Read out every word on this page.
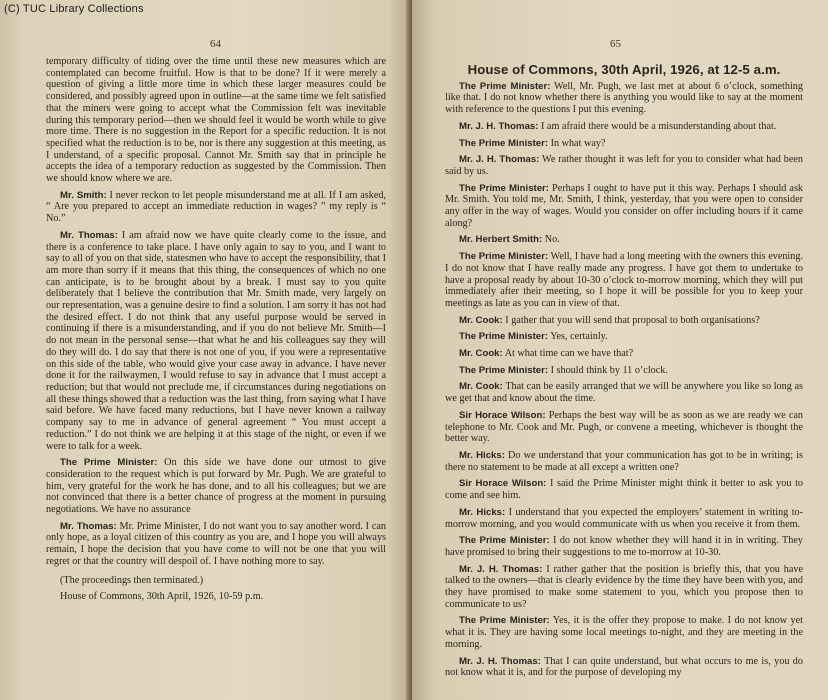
64

temporary difficulty of tiding over the time until these new measures which are contemplated can become fruitful. How is that to be done? If it were merely a question of giving a little more time in which these larger measures could be considered, and possibly agreed upon in outline—at the same time we felt satisfied that the miners were going to accept what the Commission felt was inevitable during this temporary period—then we should feel it would be worth while to give more time. There is no suggestion in the Report for a specific reduction. It is not specified what the reduction is to be, nor is there any suggestion at this meeting, as I understand, of a specific proposal. Cannot Mr. Smith say that in principle he accepts the idea of a temporary reduction as suggested by the Commission. Then we should know where we are.

Mr. Smith: I never reckon to let people misunderstand me at all. If I am asked, “ Are you prepared to accept an immediate reduction in wages? ” my reply is “ No.”

Mr. Thomas: I am afraid now we have quite clearly come to the issue, and there is a conference to take place. I have only again to say to you, and I want to say to all of you on that side, statesmen who have to accept the responsibility, that I am more than sorry if it means that this thing, the consequences of which no one can anticipate, is to be brought about by a break. I must say to you quite deliberately that I believe the contribution that Mr. Smith made, very largely on our representation, was a genuine desire to find a solution. I am sorry it has not had the desired effect. I do not think that any useful purpose would be served in continuing if there is a misunderstanding, and if you do not believe Mr. Smith—I do not mean in the personal sense—that what he and his colleagues say they will do they will do. I do say that there is not one of you, if you were a representative on this side of the table, who would give your case away in advance. I have never done it for the railwaymen, I would refuse to say in advance that I must accept a reduction; but that would not preclude me, if circumstances during negotiations on all these things showed that a reduction was the last thing, from saying what I have said before. We have faced many reductions, but I have never known a railway company say to me in advance of general agreement “ You must accept a reduction.” I do not think we are helping it at this stage of the night, or even if we were to talk for a week.

The Prime Minister: On this side we have done our utmost to give consideration to the request which is put forward by Mr. Pugh. We are grateful to him, very grateful for the work he has done, and to all his colleagues; but we are not convinced that there is a better chance of progress at the moment in pursuing negotiations. We have no assurance

Mr. Thomas: Mr. Prime Minister, I do not want you to say another word. I can only hope, as a loyal citizen of this country as you are, and I hope you will always remain, I hope the decision that you have come to will not be one that you will regret or that the country will despoil of. I have nothing more to say.

(The proceedings then terminated.)

House of Commons, 30th April, 1926, 10-59 p.m.

65
House of Commons, 30th April, 1926, at 12-5 a.m.

The Prime Minister: Well, Mr. Pugh, we last met at about 6 o’clock, something like that. I do not know whether there is anything you would like to say at the moment with reference to the questions I put this evening.

Mr. J. H. Thomas: I am afraid there would be a misunderstanding about that.

The Prime Minister: In what way?

Mr. J. H. Thomas: We rather thought it was left for you to consider what had been said by us.

The Prime Minister: Perhaps I ought to have put it this way. Perhaps I should ask Mr. Smith. You told me, Mr. Smith, I think, yesterday, that you were open to consider any offer in the way of wages. Would you consider on offer including hours if it came along?

Mr. Herbert Smith: No.

The Prime Minister: Well, I have had a long meeting with the owners this evening. I do not know that I have really made any progress. I have got them to undertake to have a proposal ready by about 10-30 o’clock to-morrow morning, which they will put immediately after their meeting, so I hope it will be possible for you to keep your meetings as late as you can in view of that.

Mr. Cook: I gather that you will send that proposal to both organisations?

The Prime Minister: Yes, certainly.

Mr. Cook: At what time can we have that?

The Prime Minister: I should think by 11 o’clock.

Mr. Cook: That can be easily arranged that we will be anywhere you like so long as we get that and know about the time.

Sir Horace Wilson: Perhaps the best way will be as soon as we are ready we can telephone to Mr. Cook and Mr. Pugh, or convene a meeting, whichever is thought the better way.

Mr. Hicks: Do we understand that your communication has got to be in writing; is there no statement to be made at all except a written one?

Sir Horace Wilson: I said the Prime Minister might think it better to ask you to come and see him.

Mr. Hicks: I understand that you expected the employers’ statement in writing to-morrow morning, and you would communicate with us when you receive it from them.

The Prime Minister: I do not know whether they will hand it in in writing. They have promised to bring their suggestions to me to-morrow at 10-30.

Mr. J. H. Thomas: I rather gather that the position is briefly this, that you have talked to the owners—that is clearly evidence by the time they have been with you, and they have promised to make some statement to you, which you propose then to communicate to us?

The Prime Minister: Yes, it is the offer they propose to make. I do not know yet what it is. They are having some local meetings to-night, and they are meeting in the morning.

Mr. J. H. Thomas: That I can quite understand, but what occurs to me is, you do not know what it is, and for the purpose of developing my

(C) TUC Library Collections
